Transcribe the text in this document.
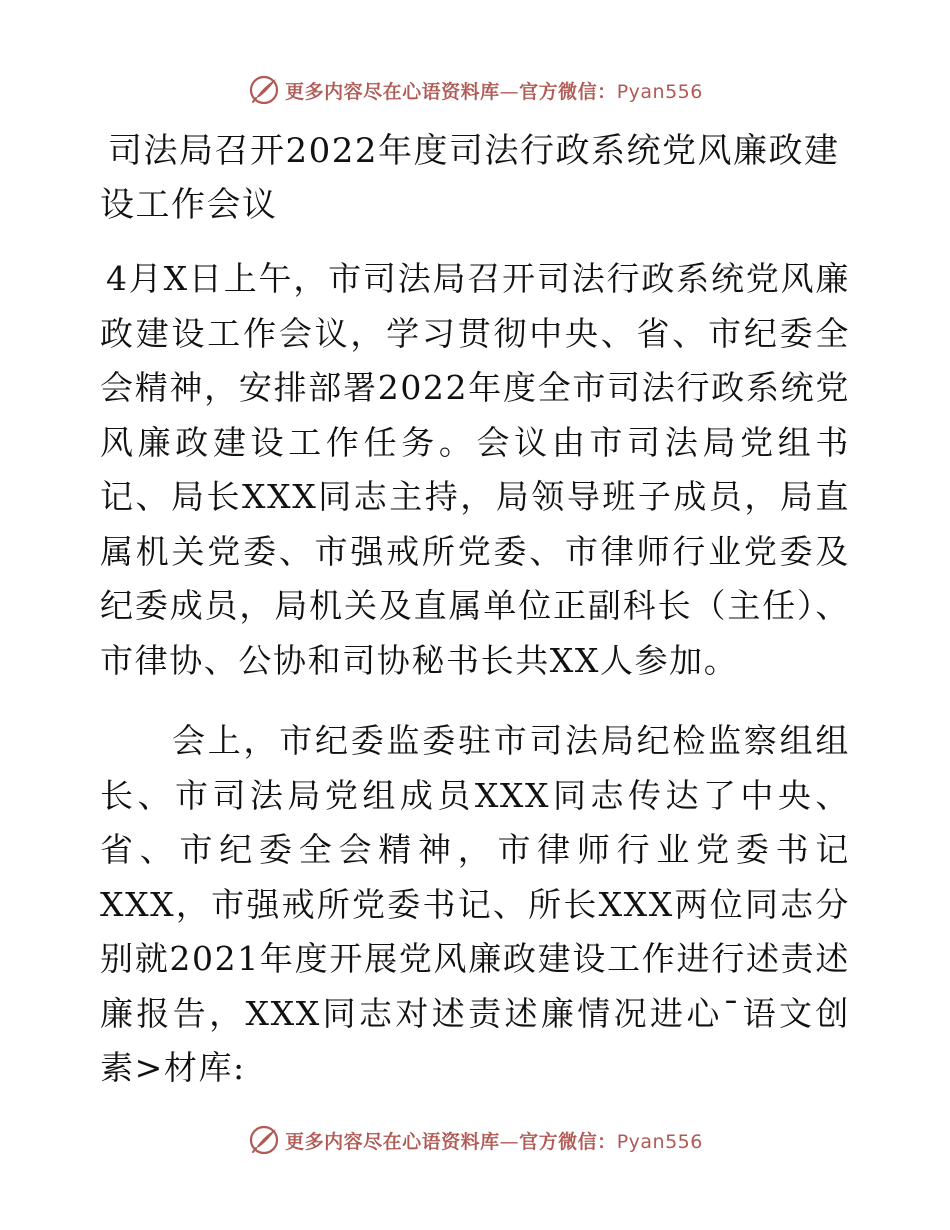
更多内容尽在心语资料库—官方微信：Pyan556
司法局召开2022年度司法行政系统党风廉政建设工作会议

4月X日上午，市司法局召开司法行政系统党风廉政建设工作会议，学习贯彻中央、省、市纪委全会精神，安排部署2022年度全市司法行政系统党风廉政建设工作任务。会议由市司法局党组书记、局长XXX同志主持，局领导班子成员，局直属机关党委、市强戒所党委、市律师行业党委及纪委成员，局机关及直属单位正副科长（主任）、市律协、公协和司协秘书长共XX人参加。

会上，市纪委监委驻市司法局纪检监察组组长、市司法局党组成员XXX同志传达了中央、省、市纪委全会精神，市律师行业党委书记XXX，市强戒所党委书记、所长XXX两位同志分别就2021年度开展党风廉政建设工作进行述责述廉报告，XXX同志对述责述廉情况进心¯语文创素>材库:

更多内容尽在心语资料库—官方微信：Pyan556
